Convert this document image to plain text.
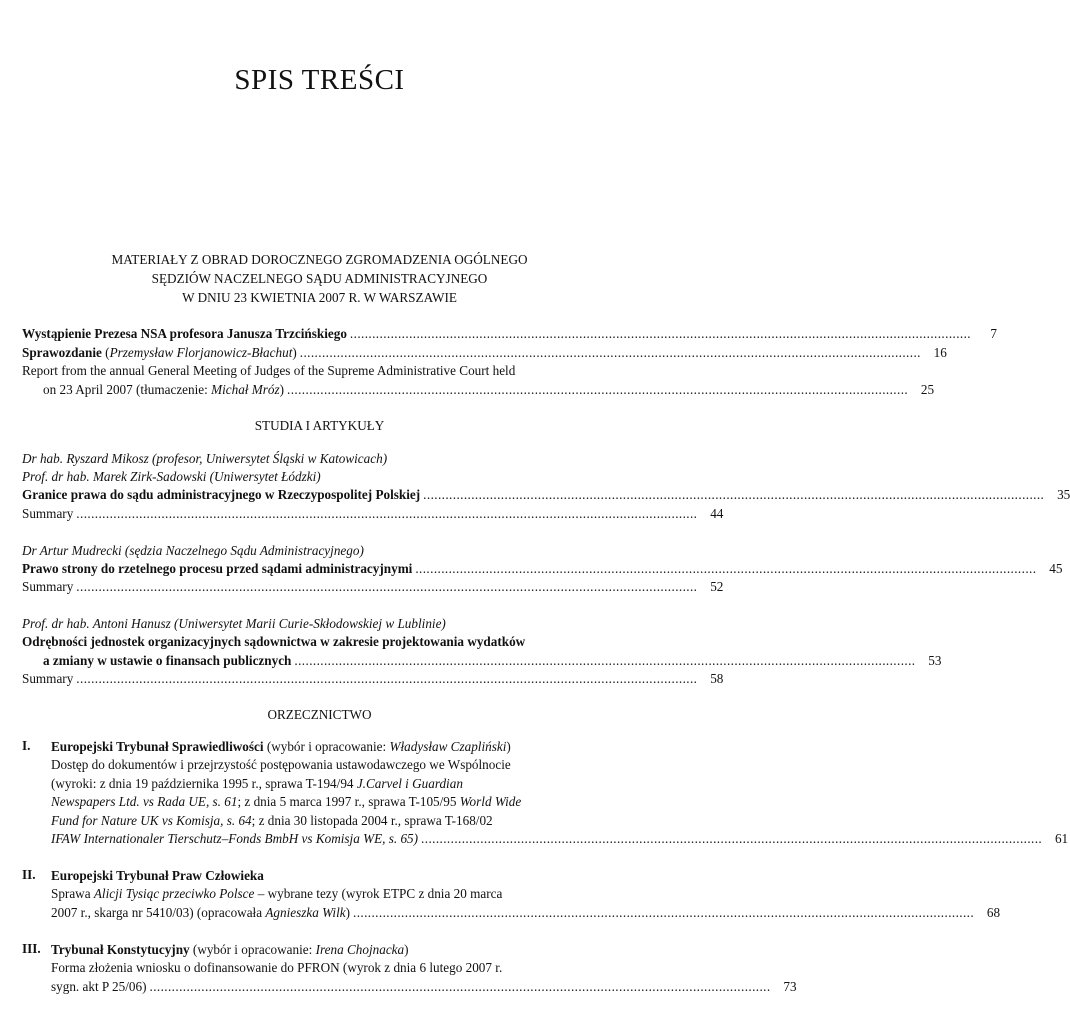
SPIS TREŚCI
MATERIAŁY Z OBRAD DOROCZNEGO ZGROMADZENIA OGÓLNEGO
SĘDZIÓW NACZELNEGO SĄDU ADMINISTRACYJNEGO
W DNIU 23 KWIETNIA 2007 R. W WARSZAWIE
Wystąpienie Prezesa NSA profesora Janusza Trzcińskiego ........................................................................................................................................................................	7
Sprawozdanie (Przemysław Florjanowicz-Błachut) ........................................................................................................................................................................ 16
Report from the annual General Meeting of Judges of the Supreme Administrative Court held
on 23 April 2007 (tłumaczenie: Michał Mróz) ........................................................................................................................................................................ 25
STUDIA I ARTYKUŁY
Dr hab. Ryszard Mikosz (profesor, Uniwersytet Śląski w Katowicach)
Prof. dr hab. Marek Zirk-Sadowski (Uniwersytet Łódzki)
Granice prawa do sądu administracyjnego w Rzeczypospolitej Polskiej ........................................................................................................................................................................ 35
Summary ........................................................................................................................................................................ 44
Dr Artur Mudrecki (sędzia Naczelnego Sądu Administracyjnego)
Prawo strony do rzetelnego procesu przed sądami administracyjnymi ........................................................................................................................................................................ 45
Summary ........................................................................................................................................................................ 52
Prof. dr hab. Antoni Hanusz (Uniwersytet Marii Curie-Skłodowskiej w Lublinie)
Odrębności jednostek organizacyjnych sądownictwa w zakresie projektowania wydatków
a zmiany w ustawie o finansach publicznych ........................................................................................................................................................................ 53
Summary ........................................................................................................................................................................ 58
ORZECZNICTWO
I. Europejski Trybunał Sprawiedliwości (wybór i opracowanie: Władysław Czapliński)
Dostęp do dokumentów i przejrzystość postępowania ustawodawczego we Wspólnocie
(wyroki: z dnia 19 października 1995 r., sprawa T-194/94 J.Carvel i Guardian
Newspapers Ltd. vs Rada UE, s. 61; z dnia 5 marca 1997 r., sprawa T-105/95 World Wide
Fund for Nature UK vs Komisja, s. 64; z dnia 30 listopada 2004 r., sprawa T-168/02
IFAW Internationaler Tierschutz–Fonds BmbH vs Komisja WE, s. 65) ........................................................................................................................................................................ 61
II. Europejski Trybunał Praw Człowieka
Sprawa Alicji Tysiąc przeciwko Polsce – wybrane tezy (wyrok ETPC z dnia 20 marca
2007 r., skarga nr 5410/03) (opracowała Agnieszka Wilk) ........................................................................................................................................................................ 68
III. Trybunał Konstytucyjny (wybór i opracowanie: Irena Chojnacka)
Forma złożenia wniosku o dofinansowanie do PFRON (wyrok z dnia 6 lutego 2007 r.
sygn. akt P 25/06) ........................................................................................................................................................................ 73
